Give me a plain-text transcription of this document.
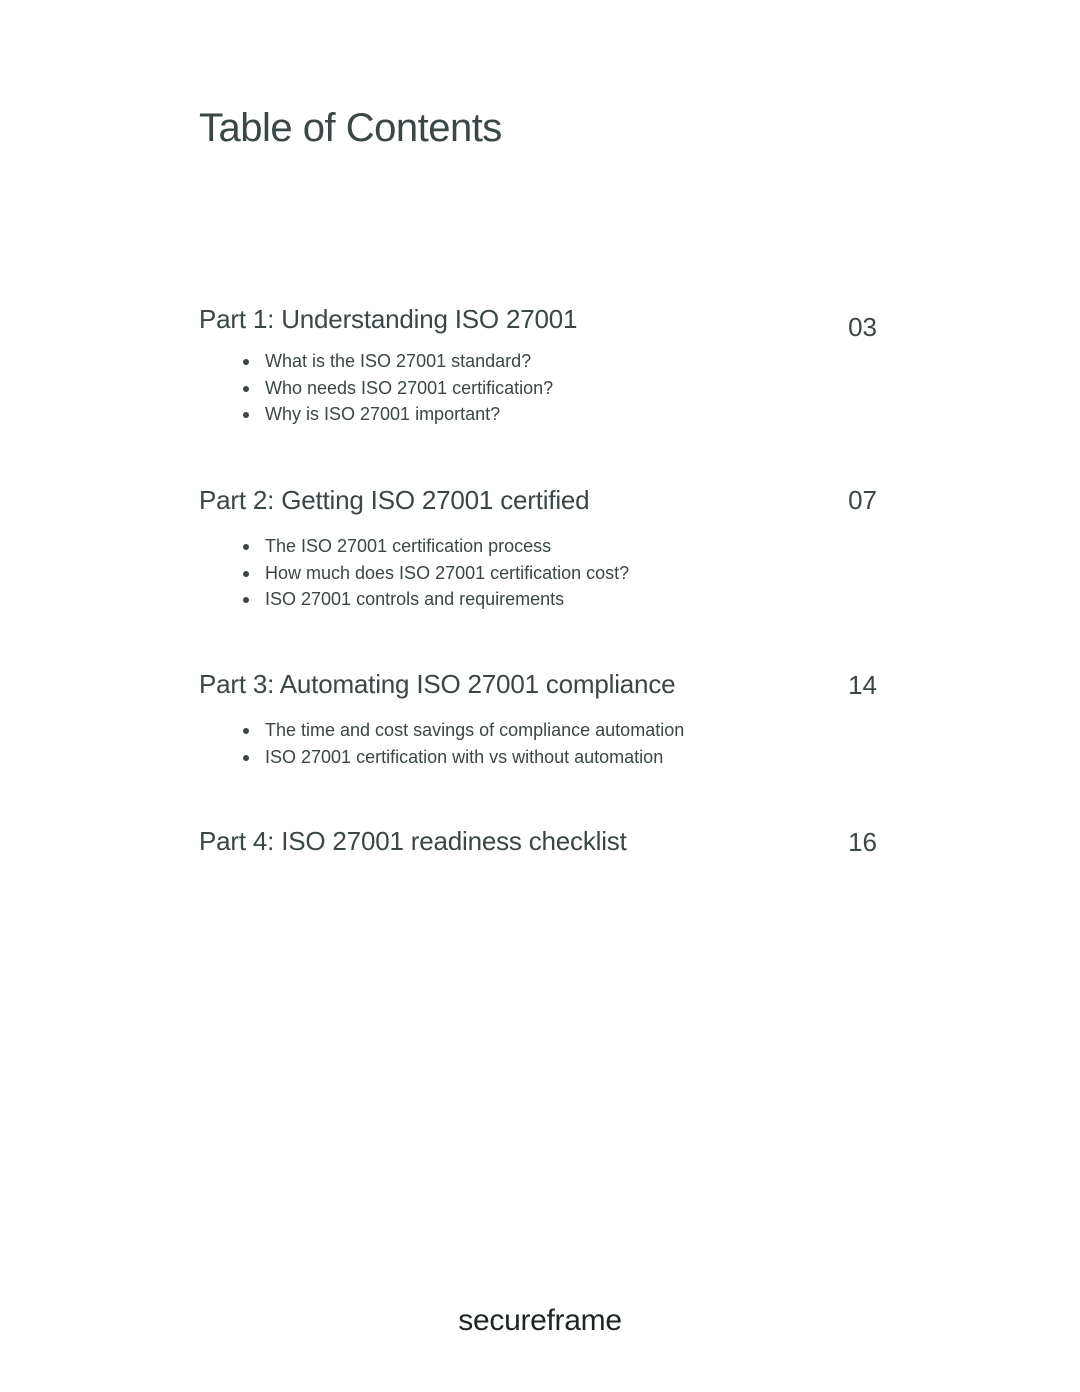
Table of Contents
Part 1: Understanding ISO 27001	03
What is the ISO 27001 standard?
Who needs ISO 27001 certification?
Why is ISO 27001 important?
Part 2: Getting ISO 27001 certified	07
The ISO 27001 certification process
How much does ISO 27001 certification cost?
ISO 27001 controls and requirements
Part 3: Automating ISO 27001 compliance	14
The time and cost savings of compliance automation
ISO 27001 certification with vs without automation
Part 4: ISO 27001 readiness checklist	16
secureframe
